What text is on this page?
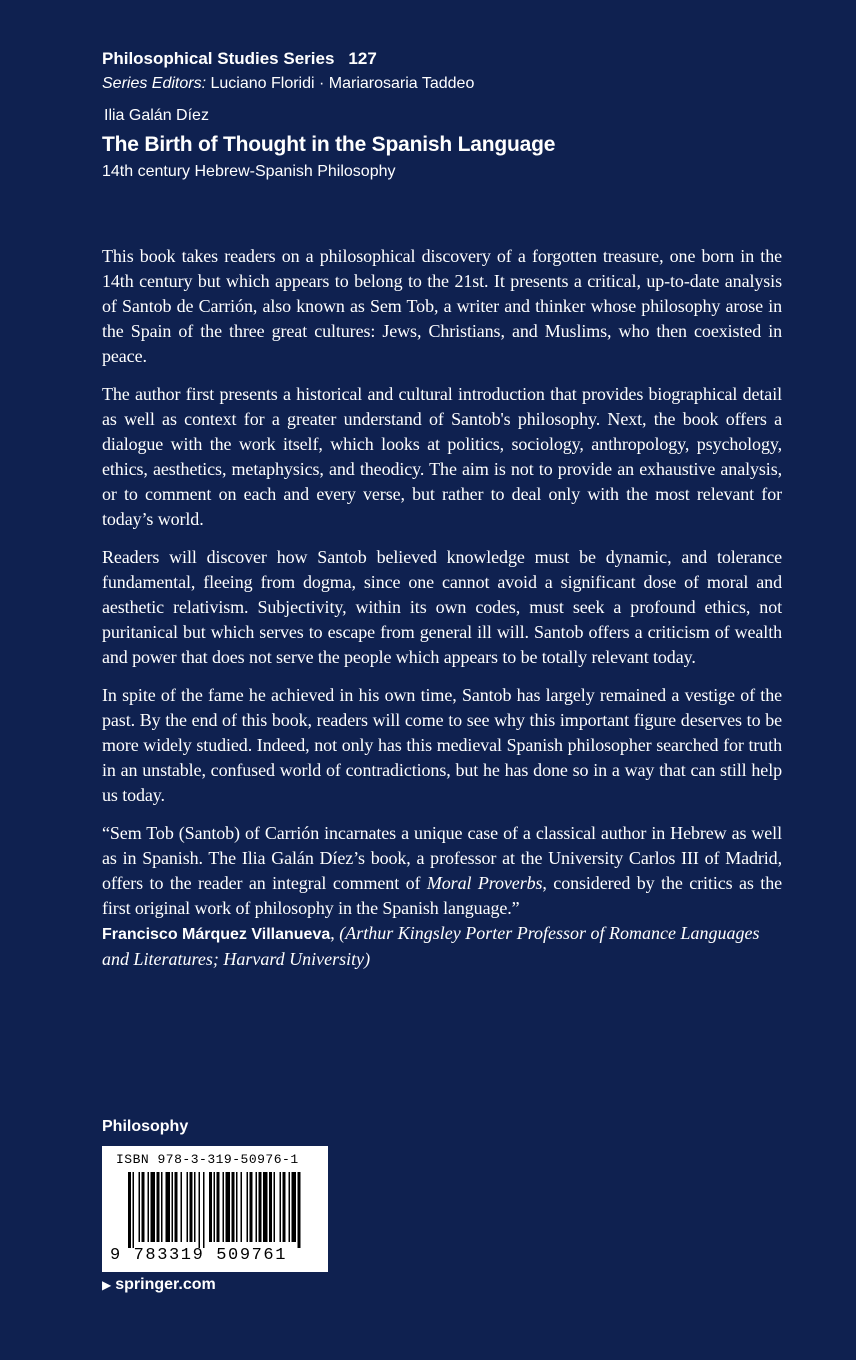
Philosophical Studies Series 127
Series Editors: Luciano Floridi · Mariarosaria Taddeo
Ilia Galán Díez
The Birth of Thought in the Spanish Language
14th century Hebrew-Spanish Philosophy

This book takes readers on a philosophical discovery of a forgotten treasure, one born in the 14th century but which appears to belong to the 21st. It presents a critical, up-to-date analysis of Santob de Carrión, also known as Sem Tob, a writer and thinker whose philosophy arose in the Spain of the three great cultures: Jews, Christians, and Muslims, who then coexisted in peace.

The author first presents a historical and cultural introduction that provides biographical detail as well as context for a greater understand of Santob's philosophy. Next, the book offers a dialogue with the work itself, which looks at politics, sociology, anthropology, psychology, ethics, aesthetics, metaphysics, and theodicy. The aim is not to provide an exhaustive analysis, or to comment on each and every verse, but rather to deal only with the most relevant for today’s world.

Readers will discover how Santob believed knowledge must be dynamic, and tolerance fundamental, fleeing from dogma, since one cannot avoid a significant dose of moral and aesthetic relativism. Subjectivity, within its own codes, must seek a profound ethics, not puritanical but which serves to escape from general ill will. Santob offers a criticism of wealth and power that does not serve the people which appears to be totally relevant today.

In spite of the fame he achieved in his own time, Santob has largely remained a vestige of the past. By the end of this book, readers will come to see why this important figure deserves to be more widely studied. Indeed, not only has this medieval Spanish philosopher searched for truth in an unstable, confused world of contradictions, but he has done so in a way that can still help us today.

“Sem Tob (Santob) of Carrión incarnates a unique case of a classical author in Hebrew as well as in Spanish. The Ilia Galán Díez’s book, a professor at the University Carlos III of Madrid, offers to the reader an integral comment of Moral Proverbs, considered by the critics as the first original work of philosophy in the Spanish language.”

Francisco Márquez Villanueva, (Arthur Kingsley Porter Professor of Romance Languages and Literatures; Harvard University)
Philosophy
ISBN 978-3-319-50976-1
9 783319 509761
▶ springer.com
